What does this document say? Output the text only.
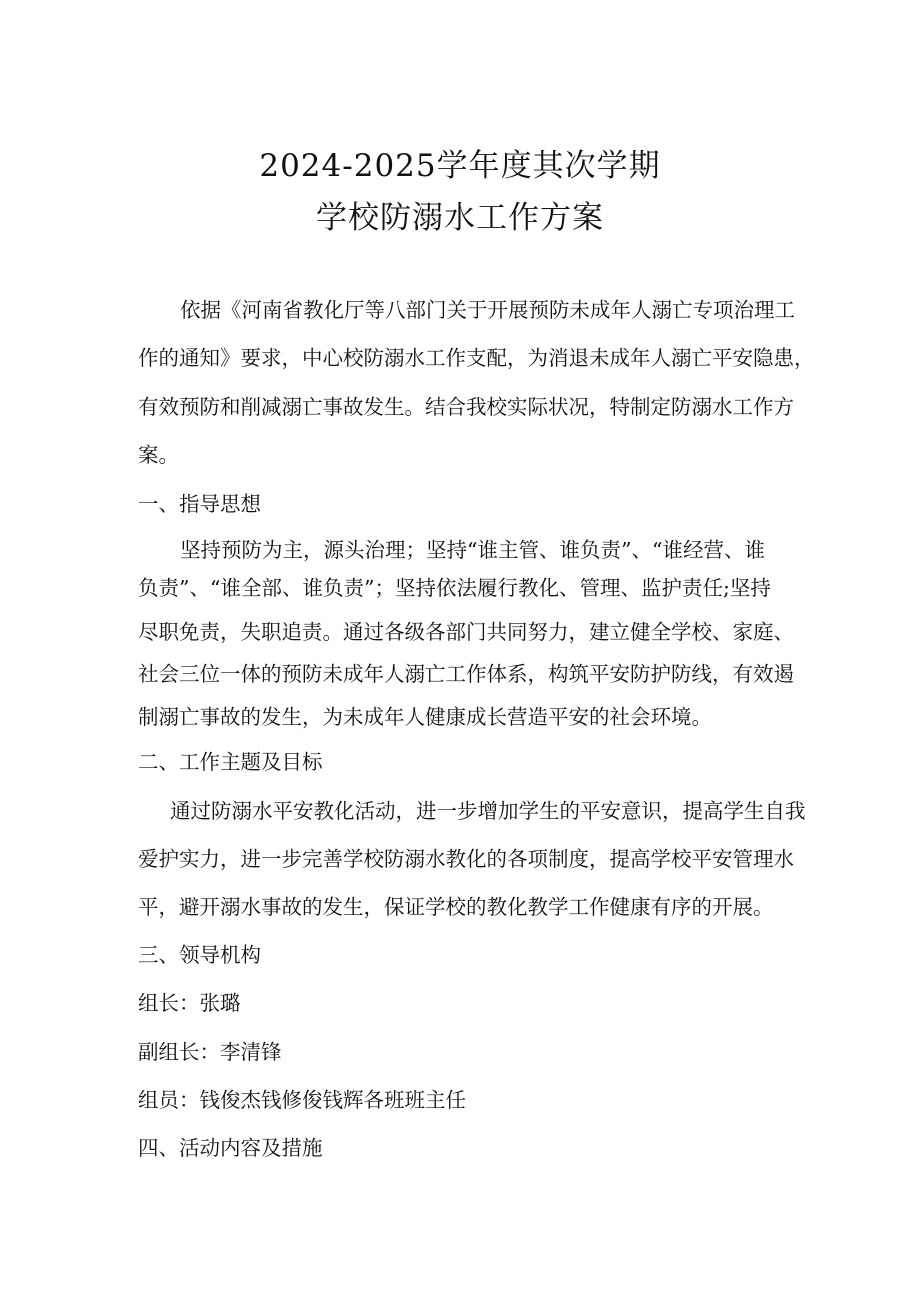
2024-2025学年度其次学期
学校防溺水工作方案
依据《河南省教化厅等八部门关于开展预防未成年人溺亡专项治理工
作的通知》要求，中心校防溺水工作支配，为消退未成年人溺亡平安隐患，
有效预防和削减溺亡事故发生。结合我校实际状况，特制定防溺水工作方
案。
一、指导思想
坚持预防为主，源头治理；坚持“谁主管、谁负责”、“谁经营、谁
负责”、“谁全部、谁负责”；坚持依法履行教化、管理、监护责任;坚持
尽职免责，失职追责。通过各级各部门共同努力，建立健全学校、家庭、
社会三位一体的预防未成年人溺亡工作体系，构筑平安防护防线，有效遏
制溺亡事故的发生，为未成年人健康成长营造平安的社会环境。
二、工作主题及目标
通过防溺水平安教化活动，进一步增加学生的平安意识，提高学生自我
爱护实力，进一步完善学校防溺水教化的各项制度，提高学校平安管理水
平，避开溺水事故的发生，保证学校的教化教学工作健康有序的开展。
三、领导机构
组长：张璐
副组长：李清锋
组员：钱俊杰钱修俊钱辉各班班主任
四、活动内容及措施
